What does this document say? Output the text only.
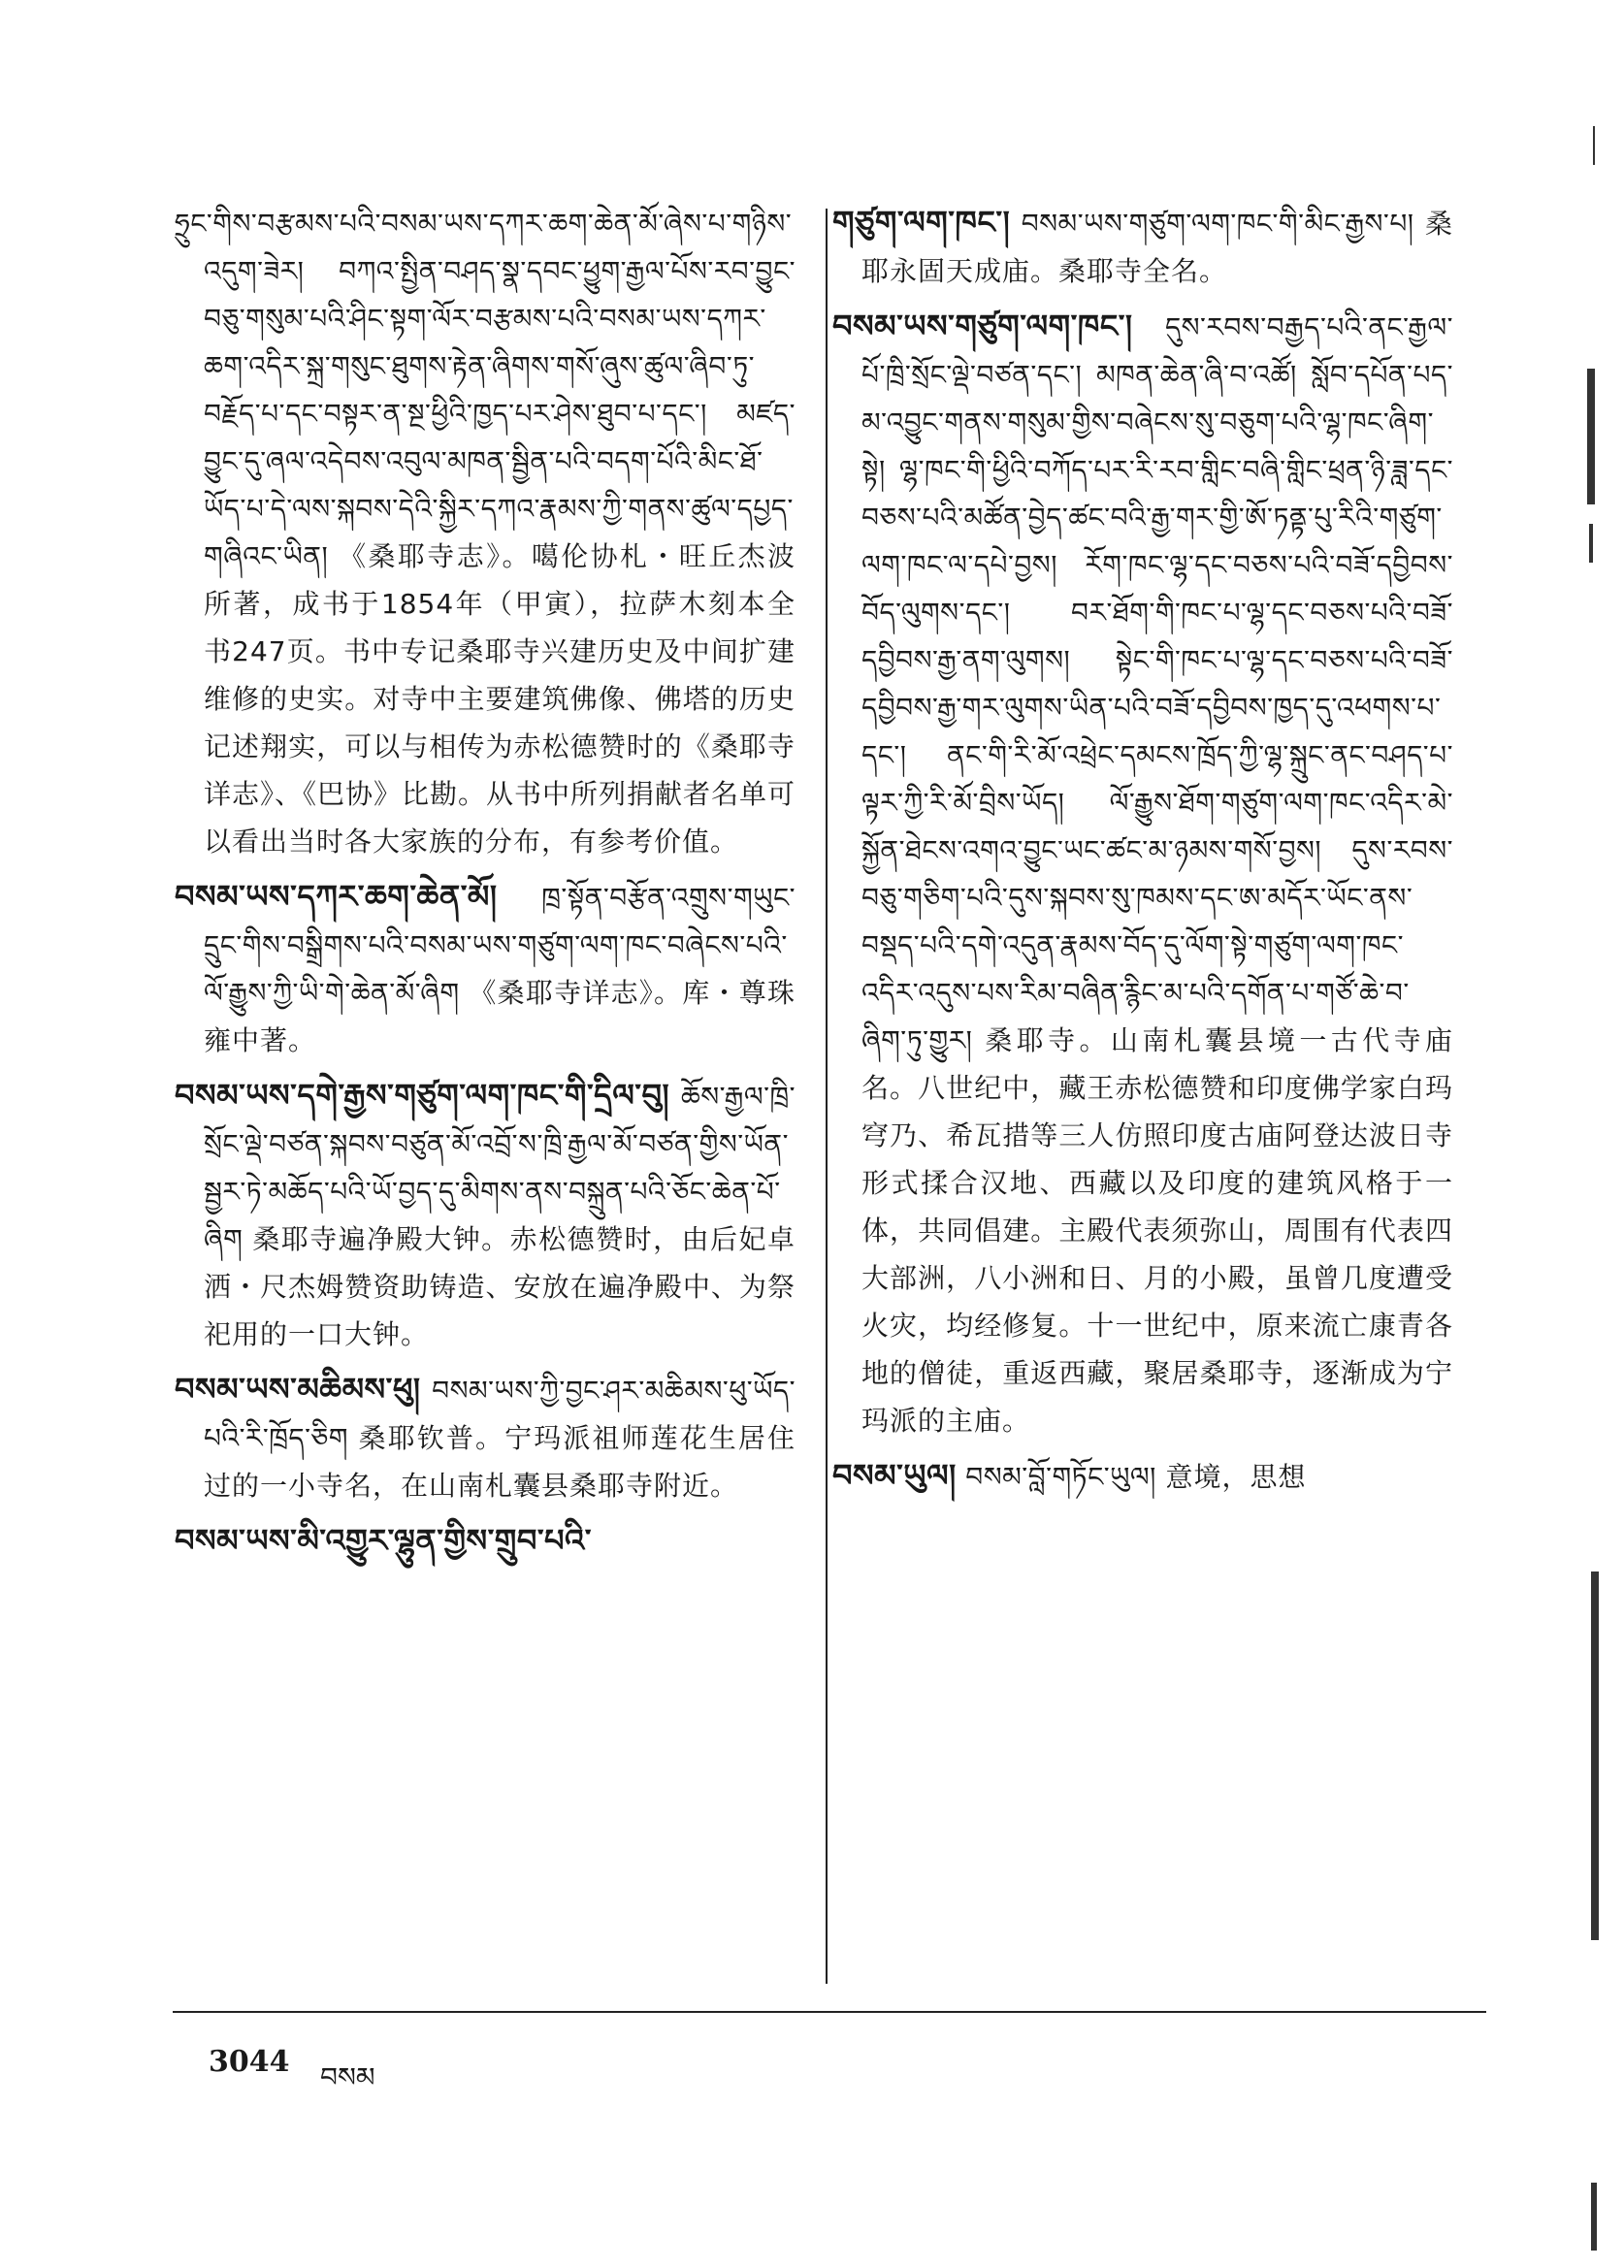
ཧྲུང་གིས་བརྩམས་པའི་བསམ་ཡས་དཀར་ཆག་ཆེན་མོ་ཞེས་པ་གཉིས་འདུག་ཟེར། བཀའ་སྤྱིན་བཤད་སྣ་དབང་ཕྱུག་རྒྱལ་པོས་རབ་བྱུང་བཅུ་གསུམ་པའི་ཤིང་སྟག་ལོར་བརྩམས་པའི་བསམ་ཡས་དཀར་ཆག་འདིར་སྐྲ་གསུང་ཐུགས་རྟེན་ཞིགས་གསོ་ཞུས་ཚུལ་ཞིབ་ཏུ་བརྗོད་པ་དང་བསྟར་ན་སྔ་ཕྱིའི་ཁྱད་པར་ཤེས་ཐུབ་པ་དང་། མཛད་བྱུང་དུ་ཞལ་འདེབས་འབུལ་མཁན་སྦྱིན་པའི་བདག་པོའི་མིང་ཐོ་ཡོད་པ་དེ་ལས་སྐབས་དེའི་སྐྱིར་དཀའ་རྣམས་ཀྱི་གནས་ཚུལ་དཔྱད་གཞིའང་ཡིན། 《桑耶寺志》。噶伦协札・旺丘杰波所著，成书于1854年（甲寅），拉萨木刻本全书247页。书中专记桑耶寺兴建历史及中间扩建维修的史实。对寺中主要建筑佛像、佛塔的历史记述翔实，可以与相传为赤松德赞时的《桑耶寺详志》、《巴协》比勘。从书中所列捐献者名单可以看出当时各大家族的分布，有参考价值。
བསམ་ཡས་དཀར་ཆག་ཆེན་མོ། ཁྲ་སྟོན་བརྩོན་འགྲུས་གཡུང་དྲུང་གིས་བསྒྲིགས་པའི་བསམ་ཡས་གཙུག་ལག་ཁང་བཞེངས་པའི་ལོ་རྒྱུས་ཀྱི་ཡི་གེ་ཆེན་མོ་ཞིག 《桑耶寺详志》。库・尊珠雍中著。
བསམ་ཡས་དགེ་རྒྱས་གཙུག་ལག་ཁང་གི་དྲིལ་བུ། ཆོས་རྒྱལ་ཁྲི་སྲོང་ལྡེ་བཙན་སྐབས་བཙུན་མོ་འབྲོ་ས་ཁྲི་རྒྱལ་མོ་བཙན་གྱིས་ཡོན་སྦྱར་ཏེ་མཆོད་པའི་ཡོ་བྱད་དུ་མིགས་ནས་བསྐྲུན་པའི་ཅོང་ཆེན་པོ་ཞིག 桑耶寺遍净殿大钟。赤松德赞时，由后妃卓洒・尺杰姆赞资助铸造、安放在遍净殿中、为祭祀用的一口大钟。
བསམ་ཡས་མཆིམས་ཕུ། བསམ་ཡས་ཀྱི་བྱང་ཤར་མཆིམས་ཕུ་ཡོད་པའི་རི་ཁྲོད་ཅིག 桑耶钦普。宁玛派祖师莲花生居住过的一小寺名，在山南札囊县桑耶寺附近。
བསམ་ཡས་མི་འགྱུར་ལྷུན་གྱིས་གྲུབ་པའི་
གཙུག་ལག་ཁང་། བསམ་ཡས་གཙུག་ལག་ཁང་གི་མིང་རྒྱས་པ། 桑耶永固天成庙。桑耶寺全名。
བསམ་ཡས་གཙུག་ལག་ཁང་། དུས་རབས་བརྒྱད་པའི་ནང་རྒྱལ་པོ་ཁྲི་སྲོང་ལྡེ་བཙན་དང་། མཁན་ཆེན་ཞི་བ་འཚོ། སློབ་དཔོན་པད་མ་འབྱུང་གནས་གསུམ་གྱིས་བཞེངས་སུ་བཅུག་པའི་ལྷ་ཁང་ཞིག་སྟེ། ལྷ་ཁང་གི་ཕྱིའི་བཀོད་པར་རི་རབ་གླིང་བཞི་གླིང་ཕྲན་ཉི་ཟླ་དང་བཅས་པའི་མཚོན་བྱེད་ཚང་བའི་རྒྱ་གར་གྱི་ཨོ་ཏནྟ་པུ་རིའི་གཙུག་ལག་ཁང་ལ་དཔེ་བྱས། རོག་ཁང་ལྷ་དང་བཅས་པའི་བཟོ་དབྱིབས་བོད་ལུགས་དང་། བར་ཐོག་གི་ཁང་པ་ལྷ་དང་བཅས་པའི་བཟོ་དབྱིབས་རྒྱ་ནག་ལུགས། སྟེང་གི་ཁང་པ་ལྷ་དང་བཅས་པའི་བཟོ་དབྱིབས་རྒྱ་གར་ལུགས་ཡིན་པའི་བཟོ་དབྱིབས་ཁྱད་དུ་འཕགས་པ་དང་། ནང་གི་རི་མོ་འཕྲེང་དམངས་ཁྲོད་ཀྱི་ལྷ་སྐྲུང་ནང་བཤད་པ་ལྟར་ཀྱི་རི་མོ་བྲིས་ཡོད། ལོ་རྒྱུས་ཐོག་གཙུག་ལག་ཁང་འདིར་མེ་སྐྱོན་ཐེངས་འགའ་བྱུང་ཡང་ཚང་མ་ཉམས་གསོ་བྱས། དུས་རབས་བཅུ་གཅིག་པའི་དུས་སྐབས་སུ་ཁམས་དང་ཨ་མདོར་ཡོང་ནས་བསྡད་པའི་དགེ་འདུན་རྣམས་བོད་དུ་ལོག་སྟེ་གཙུག་ལག་ཁང་འདིར་འདུས་པས་རིམ་བཞིན་རྙིང་མ་པའི་དགོན་པ་གཙོ་ཆེ་བ་ཞིག་ཏུ་གྱུར། 桑耶寺。山南札囊县境一古代寺庙名。八世纪中，藏王赤松德赞和印度佛学家白玛穹乃、希瓦措等三人仿照印度古庙阿登达波日寺形式揉合汉地、西藏以及印度的建筑风格于一体，共同倡建。主殿代表须弥山，周围有代表四大部洲，八小洲和日、月的小殿，虽曾几度遭受火灾，均经修复。十一世纪中，原来流亡康青各地的僧徒，重返西藏，聚居桑耶寺，逐渐成为宁玛派的主庙。
བསམ་ཡུལ། བསམ་བློ་གཏོང་ཡུལ། 意境，思想
3044 བསམ
